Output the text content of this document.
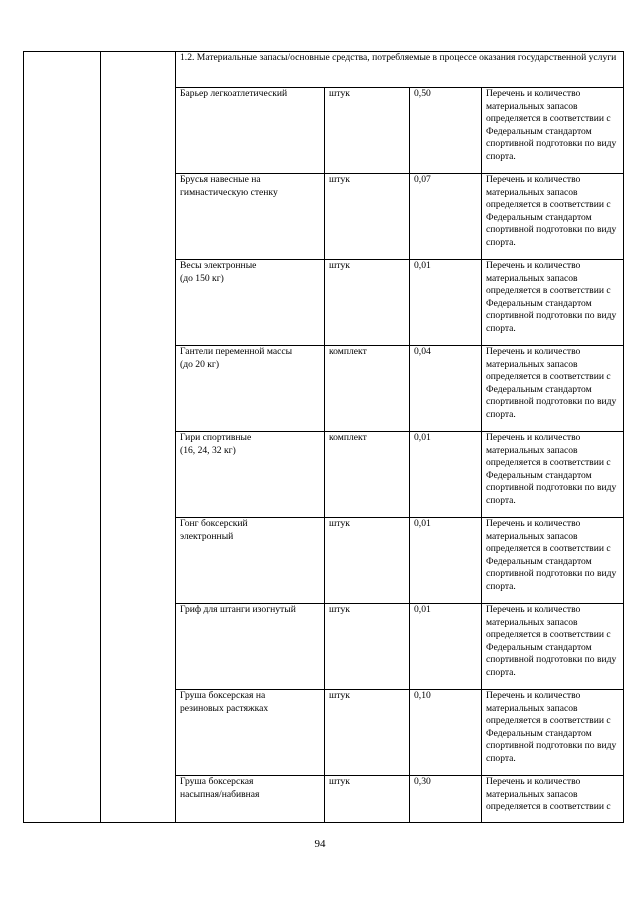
		1.2. Материальные запасы/основные средства, потребляемые в процессе оказания государственной услуги			
		Барьер легкоатлетический	штук	0,50	Перечень и количество материальных запасов определяется в соответствии с Федеральным стандартом спортивной подготовки по виду спорта.
		Брусья навесные на
гимнастическую стенку	штук	0,07	Перечень и количество материальных запасов определяется в соответствии с Федеральным стандартом спортивной подготовки по виду спорта.
		Весы электронные
(до 150 кг)	штук	0,01	Перечень и количество материальных запасов определяется в соответствии с Федеральным стандартом спортивной подготовки по виду спорта.
		Гантели переменной массы
(до 20 кг)	комплект	0,04	Перечень и количество материальных запасов определяется в соответствии с Федеральным стандартом спортивной подготовки по виду спорта.
		Гири спортивные
(16, 24, 32 кг)	комплект	0,01	Перечень и количество материальных запасов определяется в соответствии с Федеральным стандартом спортивной подготовки по виду спорта.
		Гонг боксерский
электронный	штук	0,01	Перечень и количество материальных запасов определяется в соответствии с Федеральным стандартом спортивной подготовки по виду спорта.
		Гриф для штанги изогнутый	штук	0,01	Перечень и количество материальных запасов определяется в соответствии с Федеральным стандартом спортивной подготовки по виду спорта.
		Груша боксерская на
резиновых растяжках	штук	0,10	Перечень и количество материальных запасов определяется в соответствии с Федеральным стандартом спортивной подготовки по виду спорта.
		Груша боксерская
насыпная/набивная	штук	0,30	Перечень и количество материальных запасов определяется в соответствии с
94
